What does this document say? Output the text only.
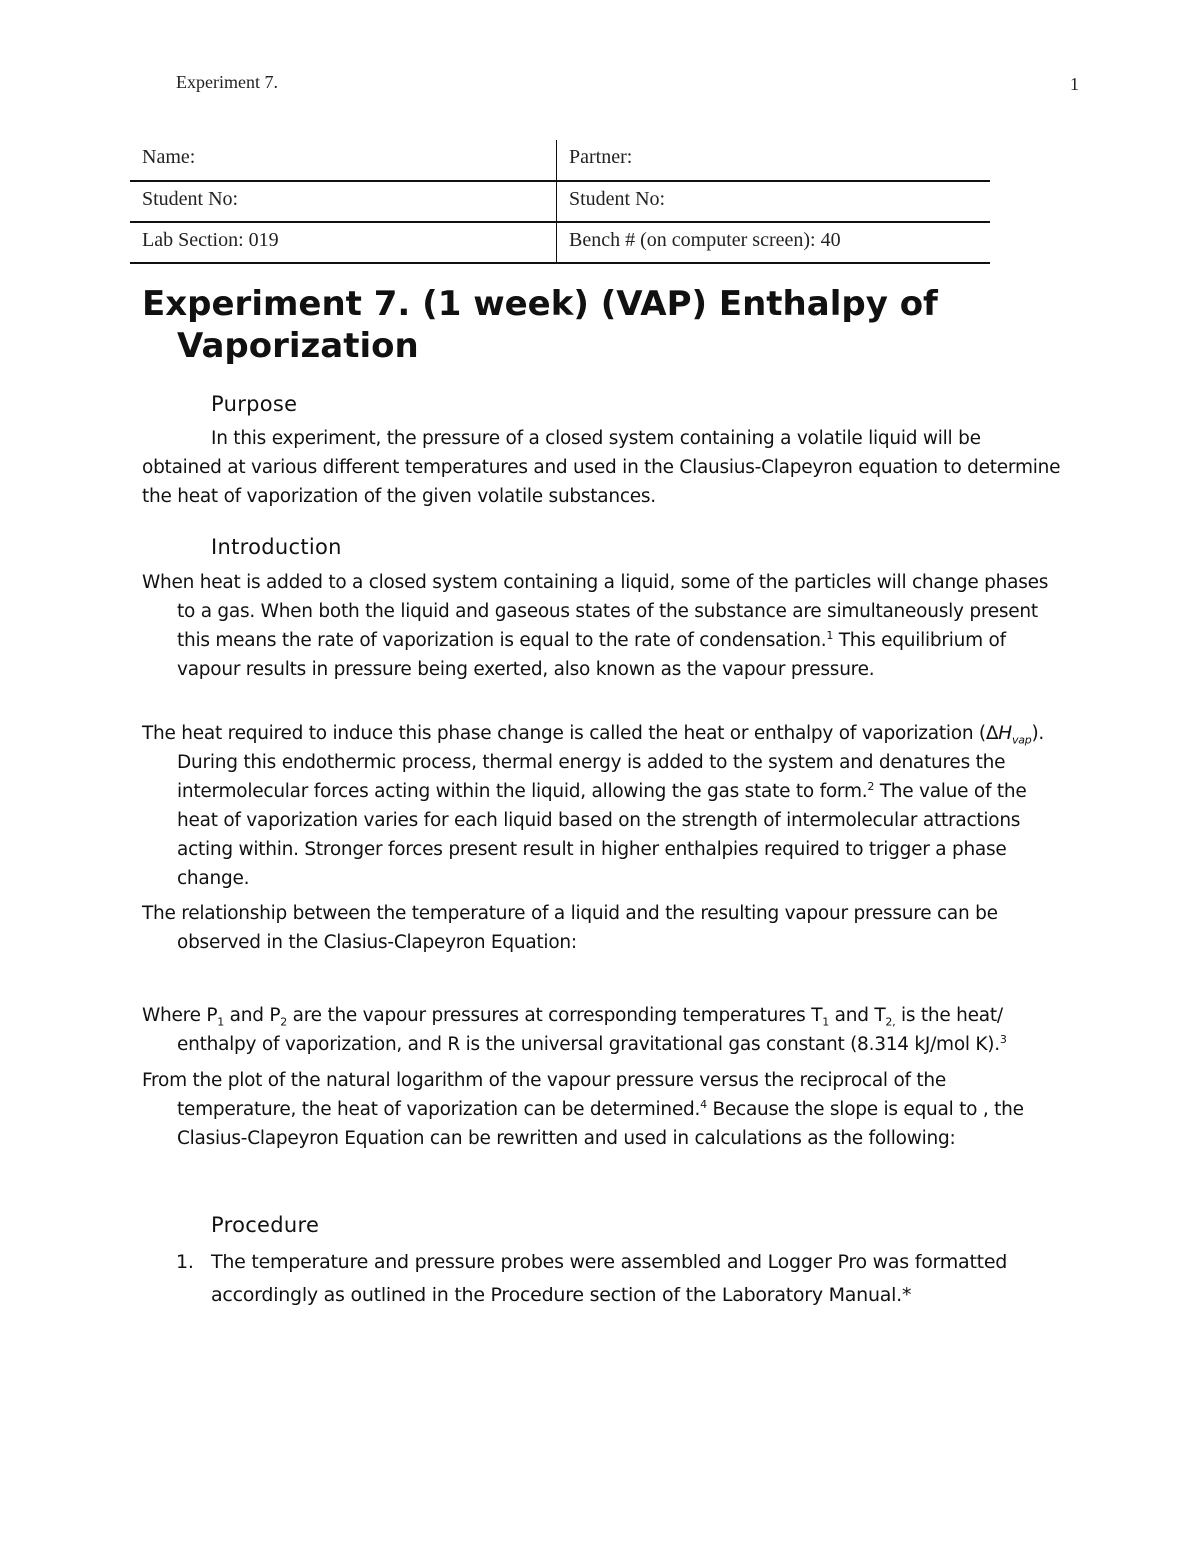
Experiment 7.	1
Name:	Partner:
Student No:	Student No:
Lab Section: 019	Bench # (on computer screen): 40
Experiment 7. (1 week) (VAP) Enthalpy of Vaporization
Purpose
In this experiment, the pressure of a closed system containing a volatile liquid will be obtained at various different temperatures and used in the Clausius-Clapeyron equation to determine the heat of vaporization of the given volatile substances.
Introduction
When heat is added to a closed system containing a liquid, some of the particles will change phases to a gas. When both the liquid and gaseous states of the substance are simultaneously present this means the rate of vaporization is equal to the rate of condensation.$^1$ This equilibrium of vapour results in pressure being exerted, also known as the vapour pressure.
The heat required to induce this phase change is called the heat or enthalpy of vaporization $(\Delta H_{vap})$. During this endothermic process, thermal energy is added to the system and denatures the intermolecular forces acting within the liquid, allowing the gas state to form.$^2$ The value of the heat of vaporization varies for each liquid based on the strength of intermolecular attractions acting within. Stronger forces present result in higher enthalpies required to trigger a phase change.
The relationship between the temperature of a liquid and the resulting vapour pressure can be observed in the Clasius-Clapeyron Equation:
Where $P_1$ and $P_2$ are the vapour pressures at corresponding temperatures $T_1$ and $T_{2,}$ is the heat/ enthalpy of vaporization, and R is the universal gravitational gas constant (8.314 kJ/mol K).$^3$
From the plot of the natural logarithm of the vapour pressure versus the reciprocal of the temperature, the heat of vaporization can be determined.$^4$ Because the slope is equal to , the Clasius-Clapeyron Equation can be rewritten and used in calculations as the following:
Procedure
1. The temperature and pressure probes were assembled and Logger Pro was formatted accordingly as outlined in the Procedure section of the Laboratory Manual.*
